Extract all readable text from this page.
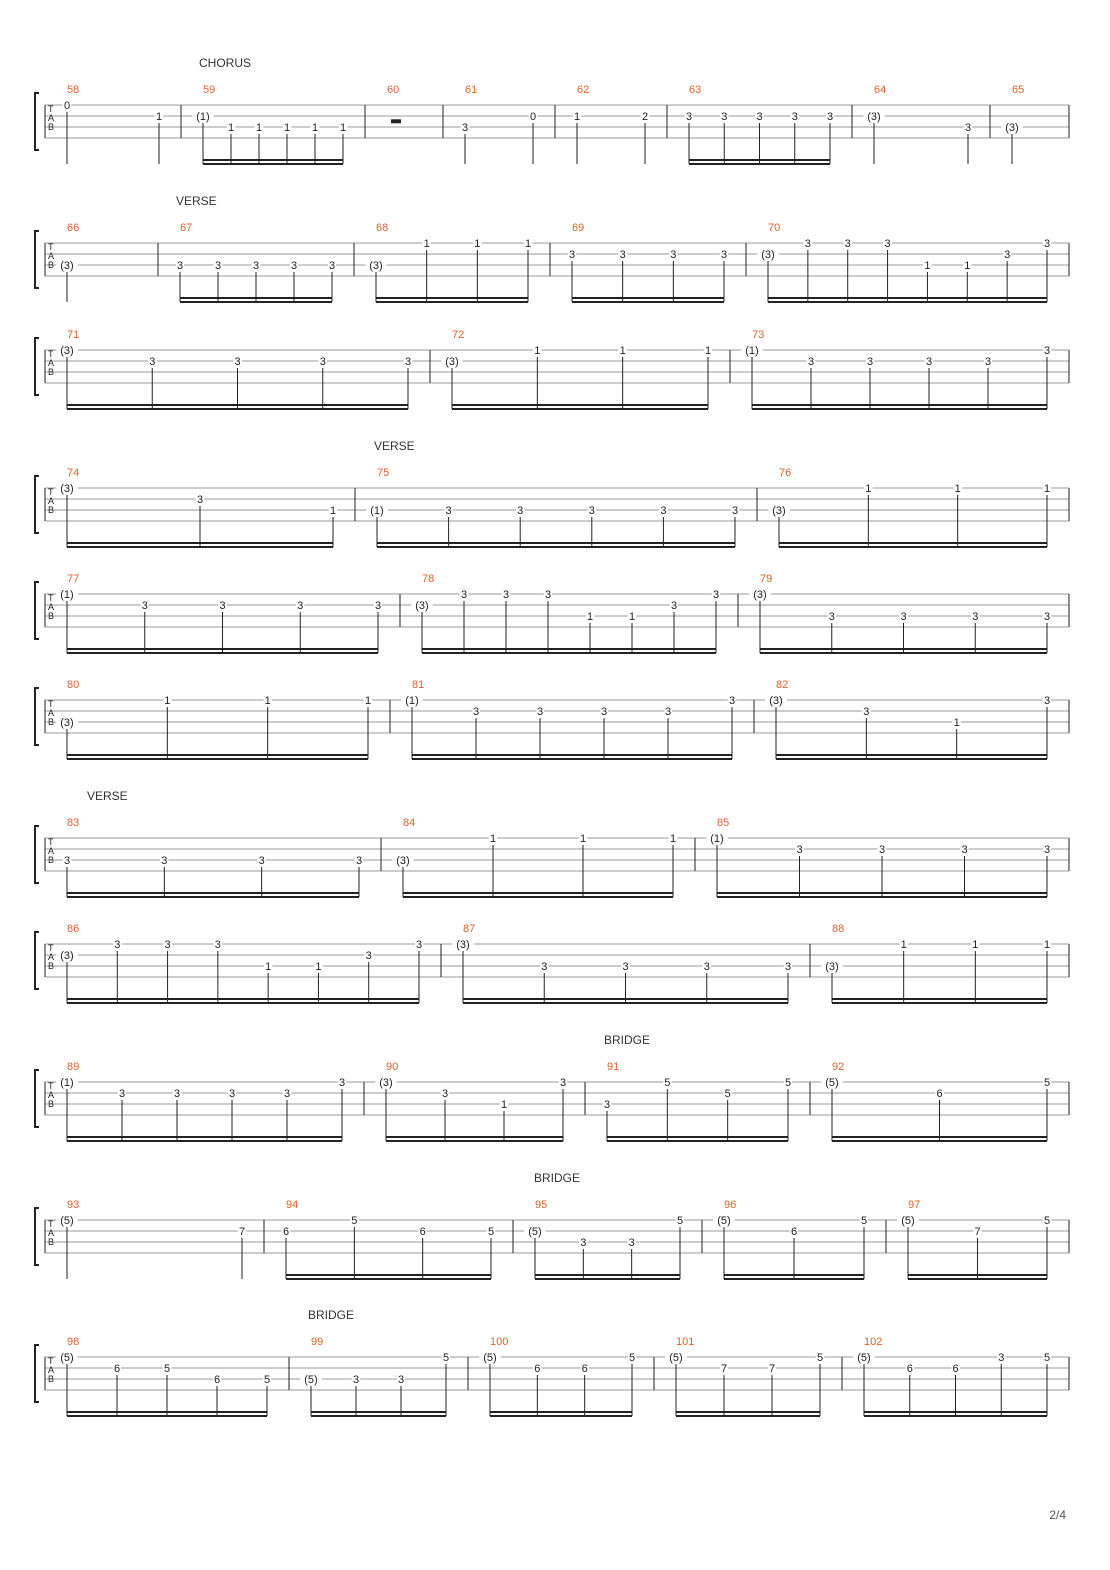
T
A
B
CHORUS
58
0
1
59
(1)
1 1 1 1 1
60	61
3
0
62
1	2
63
3	3	3	3	3
64
(3)
3
65
(3)
T
A
B
VERSE
66
(3)
67
3	3	3	3	3
68
(3)
1	1	1
69
3	3	3	3
70
(3)
3	3	3
1	1
3
3
T
A
B
71
(3)
3	3	3	3
72
(3)
1	1	1
73
(1)
3	3	3	3
3
T
A
B
VERSE
74
(3)
3
1
75
(1)	3	3	3	3	3
76
(3)
1	1	1
T
A
B
77
(1)
3	3	3	3
78
(3)
3	3	3
1	1
3
3
79
(3)
3	3	3	3
T
A
B
80
(3)
1	1	1
81
(1)
3	3	3	3
3
82
(3)
3
1
3
T
A
B
VERSE
83
3	3	3	3
84
(3)
1	1	1
85
(1)
3	3	3	3
T
A
B
86
(3)
3	3	3
1	1
3
3
87
(3)
3	3	3	3
88
(3)
1	1	1
T
A
B
BRIDGE
89
(1)
3	3	3	3
3
90
(3)
3
1
3
91
3
5
5
5
92
(5)
6
5
T
A
B
BRIDGE
93
(5)
7
94
6
5
6	5
95
(5)
3	3
5
96
(5)
6
5
97
(5)
7
5
T
A
B
BRIDGE
98
(5)
6	5
6	5
99
(5)	3	3
5
100
(5)
6	6
5
101
(5)
7	7
5
102
(5)
6	6
3	5
2/4
